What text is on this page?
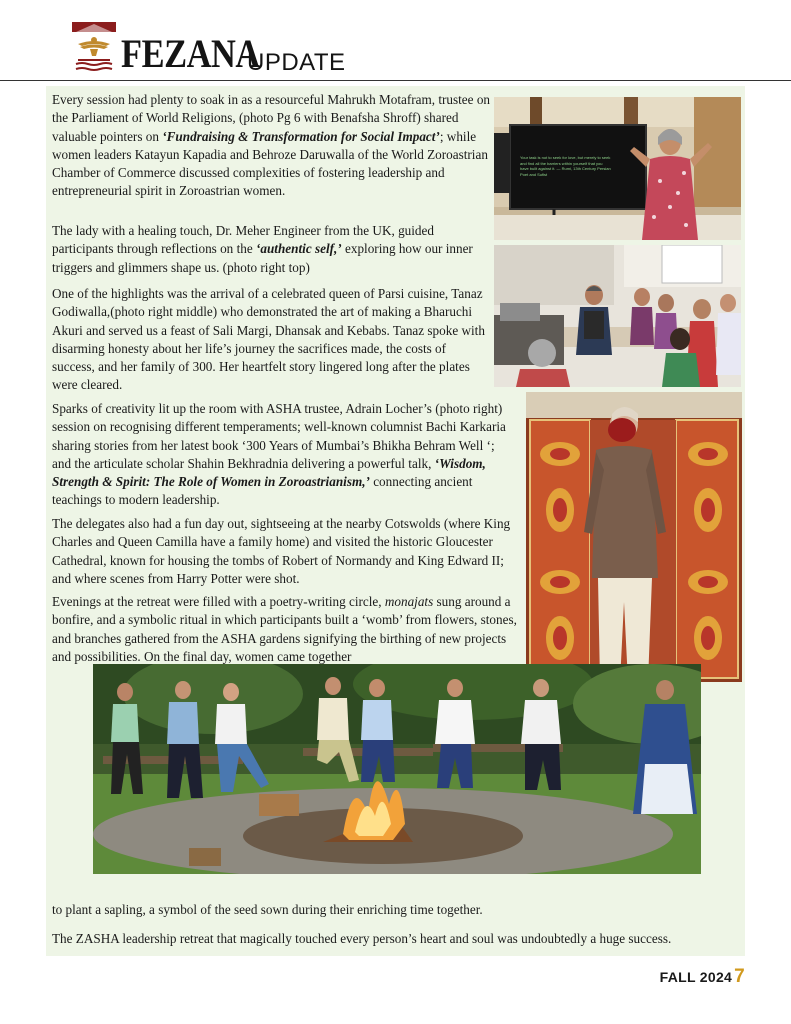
FEZANA
UPDATE

Every session had plenty to soak in as a resourceful Mahrukh Motafram, trustee on the Parliament of World Religions, (photo Pg 6 with Benafsha Shroff) shared valuable pointers on ‘Fundraising & Transformation for Social Impact’; while women leaders Katayun Kapadia and Behroze Daruwalla of the World Zoroastrian Chamber of Commerce discussed complexities of fostering leadership and entrepreneurial spirit in Zoroastrian women.

The lady with a healing touch, Dr. Meher Engineer from the UK, guided participants through reflections on the ‘authentic self,’ exploring how our inner triggers and glimmers shape us. (photo right top)

One of the highlights was the arrival of a celebrated queen of Parsi cuisine, Tanaz Godiwalla,(photo right middle) who demonstrated the art of making a Bharuchi Akuri and served us a feast of Sali Margi, Dhansak and Kebabs. Tanaz spoke with disarming honesty about her life’s journey the sacrifices made, the costs of success, and her family of 300. Her heartfelt story lingered long after the plates were cleared.

Sparks of creativity lit up the room with ASHA trustee, Adrain Locher’s (photo right) session on recognising different temperaments; well-known columnist Bachi Karkaria sharing stories from her latest book ‘300 Years of Mumbai’s Bhikha Behram Well ‘; and the articulate scholar Shahin Bekhradnia delivering a powerful talk, ‘Wisdom, Strength & Spirit: The Role of Women in Zoroastrianism,’ connecting ancient teachings to modern leadership.

The delegates also had a fun day out, sightseeing at the nearby Cotswolds (where King Charles and Queen Camilla have a family home) and visited the historic Gloucester Cathedral, known for housing the tombs of Robert of Normandy and King Edward II; and where scenes from Harry Potter were shot.

Evenings at the retreat were filled with a poetry-writing circle, monajats sung around a bonfire, and a symbolic ritual in which participants built a ‘womb’ from flowers, stones, and branches gathered from the ASHA gardens signifying the birthing of new projects and possibilities. On the final day, women came together

to plant a sapling, a symbol of the seed sown during their enriching time together.

The ZASHA leadership retreat that magically touched every person’s heart and soul was undoubtedly a huge success.

Your task is not to seek for love, but merely to seek and find all the barriers within yourself that you have built against it. — Rumi, 13th Century Persian Poet and Sufist
FALL 2024 7
